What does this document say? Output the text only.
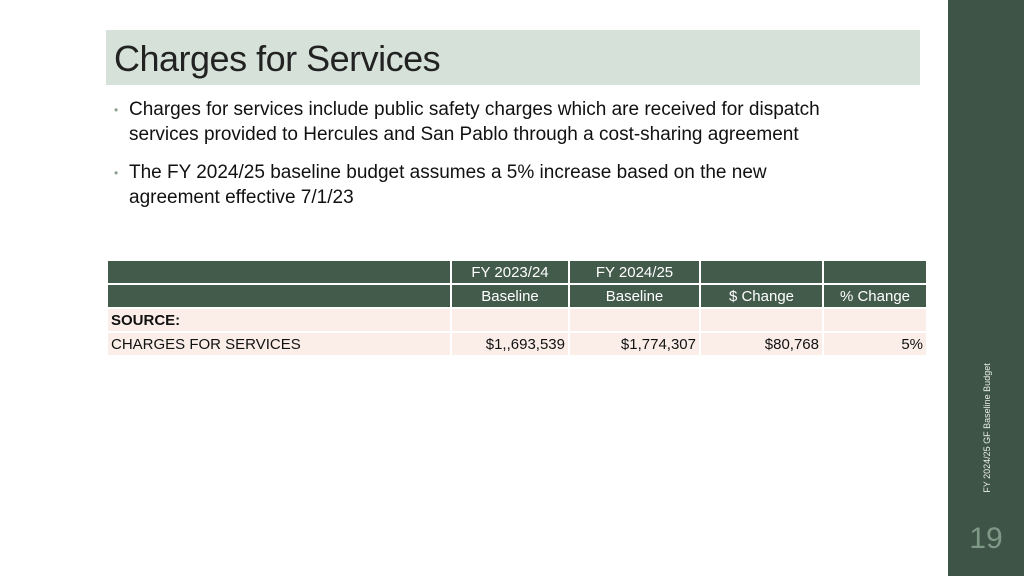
FY 2024/25 GF Baseline Budget
19
Charges for Services
• Charges for services include public safety charges which are received for dispatch services provided to Hercules and San Pablo through a cost-sharing agreement
• The FY 2024/25 baseline budget assumes a 5% increase based on the new agreement effective 7/1/23
	FY 2023/24	FY 2024/25		
	Baseline	Baseline	$ Change	% Change
SOURCE:				
CHARGES FOR SERVICES	$1,,693,539	$1,774,307	$80,768	5%
